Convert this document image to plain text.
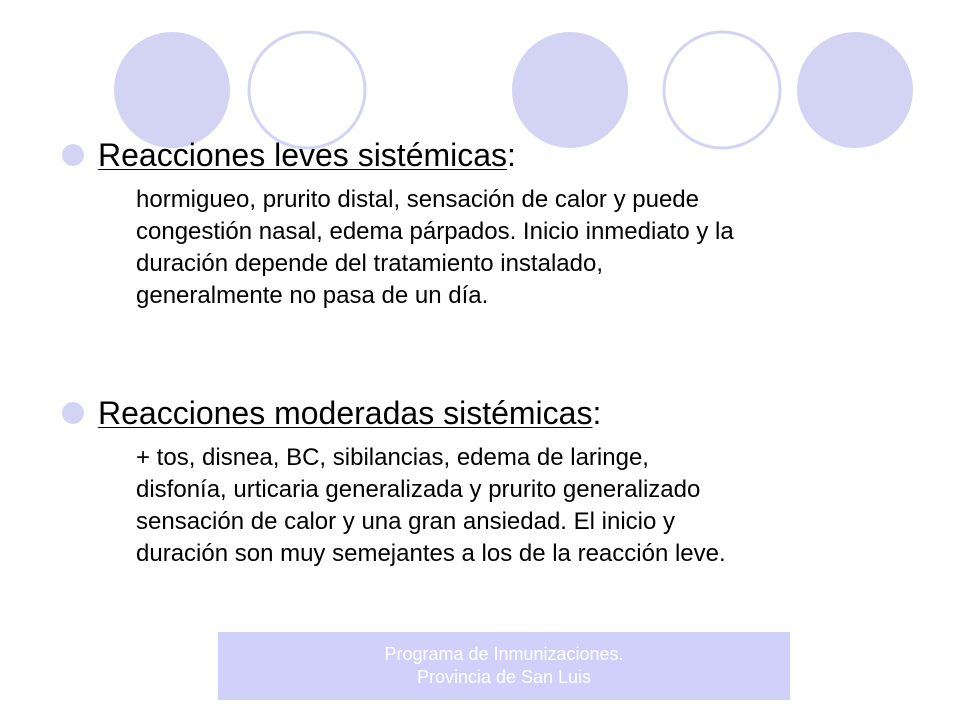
Reacciones leves sistémicas:
hormigueo, prurito distal, sensación de calor y puede
congestión nasal, edema párpados. Inicio inmediato y la
duración depende del tratamiento instalado,
generalmente no pasa de un día.
Reacciones moderadas sistémicas:
+ tos, disnea, BC, sibilancias, edema de laringe,
disfonía, urticaria generalizada y prurito generalizado
sensación de calor y una gran ansiedad. El inicio y
duración son muy semejantes a los de la reacción leve.
Programa de Inmunizaciones.
Provincia de San Luis
